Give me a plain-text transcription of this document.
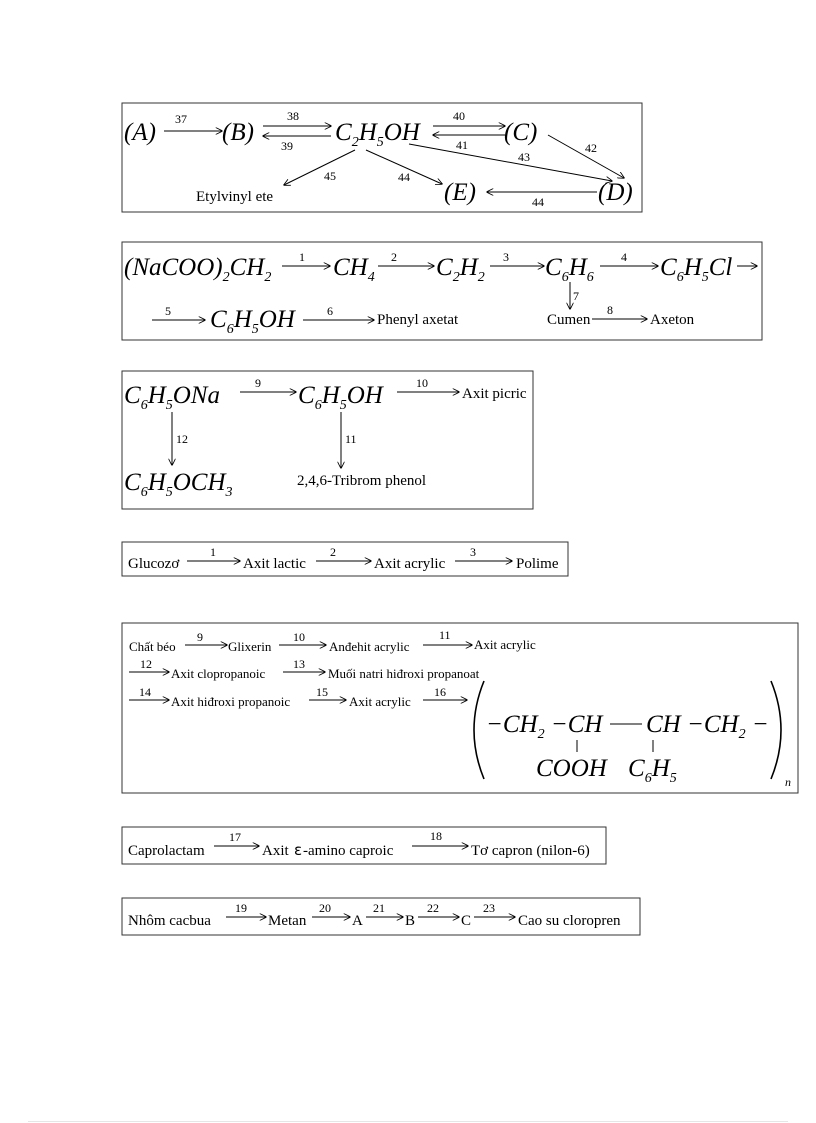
(A) 37 (B)
38
39 $C_2H_5OH$
40
41 (C)
42
43
44
45
Etylvinyl ete	(E)	44 (D)
$(NaCOO)_2CH_2$
1 $CH_4$
2 $C_2H_2$
3 $C_6H_6$
4 $C_6H_5Cl$
7
5 $C_6H_5OH$	6
Phenyl axetat	Cumen
8
Axeton
$C_6H_5ONa$	9 $C_6H_5OH$	10
Axit picric
12	11
$C_6H_5OCH_3$
2,4,6-Tribrom phenol
Glucozơ
1
Axit lactic
2
Axit acrylic
3
Polime
Chất béo
9
Glixerin
10
Anđehit acrylic
11
Axit acrylic
12
Axit clopropanoic
13
Muối natri hiđroxi propanoat
14
Axit hiđroxi propanoic
15
Axit acrylic
16
$-CH_2 -CH$ CH $-CH_2$ −
COOH $C_6H_5$	n
Caprolactam
17
Axit ε -amino caproic
18
Tơ capron (nilon-6)
Nhôm cacbua
19
Metan
20
A
21
B
22
C
23
Cao su cloropren
